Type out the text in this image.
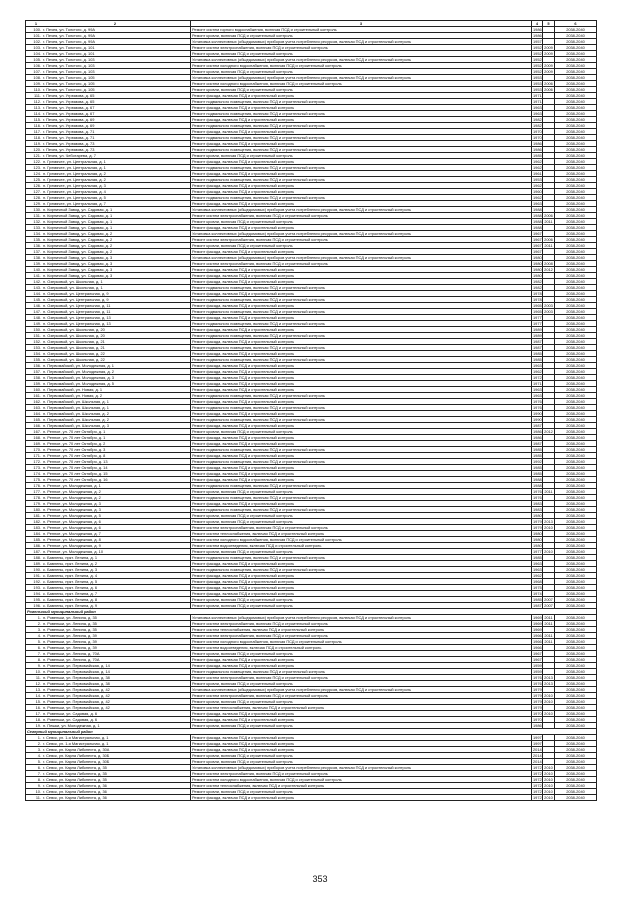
1 2	3	4	5	6
100. г. Печея, ул. Толстого, д. 99А	Ремонт систем горного водоснабжения, включая ПСД и строительный контроль	1986		2038-2040
101. г. Печея, ул. Толстого, д. 99А	Ремонт кровли, включая ПСД и строительный контроль	1986		2038-2040
102. г. Печея, ул. Толстого, д. 99А	Установка коллективных (общедомовых) приборов учета потребления ресурсов, включая ПСД и строительный контроль	1957		2038-2040
103. г. Печея, ул. Толстого, д. 101	Ремонт систем электроснабжения, включая ПСД и строительный контроль	1952	2009	2038-2040
104. г. Печея, ул. Толстого, д. 101	Ремонт кровли, включая ПСД и строительный контроль	1952	2009	2038-2040
105. г. Печея, ул. Толстого, д. 103	Установка коллективных (общедомовых) приборов учета потребления ресурсов, включая ПСД и строительный контроль	1952		2038-2040
106. г. Печея, ул. Толстого, д. 103	Ремонт систем холодного водоснабжения, включая ПСД и строительный контроль	1952	2009	2038-2040
107. г. Печея, ул. Толстого, д. 103	Ремонт кровли, включая ПСД и строительный контроль	1952	2009	2038-2040
108. г. Печея, ул. Толстого, д. 105	Установка коллективных (общедомовых) приборов учета потребления ресурсов, включая ПСД и строительный контроль	1953		2038-2040
109. г. Печея, ул. Толстого, д. 105	Ремонт систем холодного водоснабжения, включая ПСД и строительный контроль	1953	2006	2038-2040
110. г. Печея, ул. Толстого, д. 105	Ремонт кровли, включая ПСД и строительный контроль	1953	2006	2038-2040
111. г. Печея, ул. Угрюмова, д. 65	Ремонт фасада, включая ПСД и строительный контроль	1971		2038-2040
112. г. Печея, ул. Угрюмова, д. 65	Ремонт подвального помещения, включая ПСД и строительный контроль	1971		2038-2040
113. г. Печея, ул. Угрюмова, д. 67	Ремонт фасада, включая ПСД и строительный контроль	1963		2038-2040
114. г. Печея, ул. Угрюмова, д. 67	Ремонт подвального помещения, включая ПСД и строительный контроль	1963		2038-2040
115. г. Печея, ул. Угрюмова, д. 69	Ремонт фасада, включая ПСД и строительный контроль	1982		2038-2040
116. г. Печея, ул. Угрюмова, д. 69	Ремонт подвального помещения, включая ПСД и строительный контроль	1982		2038-2040
117. г. Печея, ул. Угрюмова, д. 71	Ремонт фасада, включая ПСД и строительный контроль	1970		2038-2040
118. г. Печея, ул. Угрюмова, д. 71	Ремонт подвального помещения, включая ПСД и строительный контроль	1970		2038-2040
119. г. Печея, ул. Угрюмова, д. 73	Ремонт фасада, включая ПСД и строительный контроль	1986		2038-2040
120. г. Печея, ул. Угрюмова, д. 73	Ремонт подвального помещения, включая ПСД и строительный контроль	1986		2038-2040
121. г. Печея, ул. Чеботарева, д. 7	Ремонт кровли, включая ПСД и строительный контроль	1985		2038-2040
122. п. Гремячее, ул. Центральная, д. 1	Ремонт фасада, включая ПСД и строительный контроль	1962		2038-2040
123. п. Гремячее, ул. Центральная, д. 1	Ремонт подвального помещения, включая ПСД и строительный контроль	1962		2038-2040
124. п. Гремячее, ул. Центральная, д. 2	Ремонт фасада, включая ПСД и строительный контроль	1961		2038-2040
125. п. Гремячее, ул. Центральная, д. 2	Ремонт подвального помещения, включая ПСД и строительный контроль	1953		2038-2040
126. п. Гремячее, ул. Центральная, д. 3	Ремонт фасада, включая ПСД и строительный контроль	1962		2038-2040
127. п. Гремячее, ул. Центральная, д. 4	Ремонт фасада, включая ПСД и строительный контроль	1960		2038-2040
128. п. Гремячее, ул. Центральная, д. 5	Ремонт подвального помещения, включая ПСД и строительный контроль	1962		2038-2040
129. п. Гремячее, ул. Центральная, д. 7	Ремонт фасада, включая ПСД и строительный контроль	1963		2038-2040
130. п. Кирпичный Завод, ул. Садовая, д. 1	Установка коллективных (общедомовых) приборов учета потребления ресурсов, включая ПСД и строительный контроль	1988		2038-2040
131. п. Кирпичный Завод, ул. Садовая, д. 1	Ремонт систем электроснабжения, включая ПСД и строительный контроль	1988	2006	2038-2040
132. п. Кирпичный Завод, ул. Садовая, д. 1	Ремонт кровли, включая ПСД и строительный контроль	1988	2011	2038-2040
133. п. Кирпичный Завод, ул. Садовая, д. 1	Ремонт фасада, включая ПСД и строительный контроль	1988		2038-2040
134. п. Кирпичный Завод, ул. Садовая, д. 2	Установка коллективных (общедомовых) приборов учета потребления ресурсов, включая ПСД и строительный контроль	1967		2038-2040
135. п. Кирпичный Завод, ул. Садовая, д. 2	Ремонт систем электроснабжения, включая ПСД и строительный контроль	1967	2006	2038-2040
136. п. Кирпичный Завод, ул. Садовая, д. 2	Ремонт кровли, включая ПСД и строительный контроль	1967	2011	2038-2040
137. п. Кирпичный Завод, ул. Садовая, д. 2	Ремонт фасада, включая ПСД и строительный контроль	1967		2038-2040
138. п. Кирпичный Завод, ул. Садовая, д. 3	Установка коллективных (общедомовых) приборов учета потребления ресурсов, включая ПСД и строительный контроль	1980		2038-2040
139. п. Кирпичный Завод, ул. Садовая, д. 3	Ремонт систем электроснабжения, включая ПСД и строительный контроль	1980	2008	2038-2040
140. п. Кирпичный Завод, ул. Садовая, д. 3	Ремонт фасада, включая ПСД и строительный контроль	1980	2012	2038-2040
141. п. Кирпичный Завод, ул. Садовая, д. 3	Ремонт фасада, включая ПСД и строительный контроль	1980		2038-2040
142. п. Озерковый, ул. Школьная, д. 1	Ремонт фасада, включая ПСД и строительный контроль	1982		2038-2040
143. п. Озерковый, ул. Школьная, д. 1	Ремонт подвального помещения, включая ПСД и строительный контроль	1982		2038-2040
144. п. Озерковый, ул. Центральная, д. 9	Ремонт фасада, включая ПСД и строительный контроль	1978		2038-2040
145. п. Озерковый, ул. Центральная, д. 9	Ремонт подвального помещения, включая ПСД и строительный контроль	1978		2038-2040
146. п. Озерковый, ул. Центральная, д. 11	Ремонт фасада, включая ПСД и строительный контроль	1965	2003	2038-2040
147. п. Озерковый, ул. Центральная, д. 11	Ремонт подвального помещения, включая ПСД и строительный контроль	1965	2003	2038-2040
148. п. Озерковый, ул. Центральная, д. 13	Ремонт фасада, включая ПСД и строительный контроль	1977		2038-2040
149. п. Озерковый, ул. Центральная, д. 13	Ремонт подвального помещения, включая ПСД и строительный контроль	1977		2038-2040
150. п. Озерковый, ул. Школьная, д. 20	Ремонт фасада, включая ПСД и строительный контроль	1989		2038-2040
151. п. Озерковый, ул. Школьная, д. 20	Ремонт подвального помещения, включая ПСД и строительный контроль	1989		2038-2040
152. п. Озерковый, ул. Школьная, д. 21	Ремонт фасада, включая ПСД и строительный контроль	1987		2038-2040
153. п. Озерковый, ул. Школьная, д. 21	Ремонт подвального помещения, включая ПСД и строительный контроль	1987		2038-2040
154. п. Озерковый, ул. Школьная, д. 22	Ремонт фасада, включая ПСД и строительный контроль	1985		2038-2040
155. п. Озерковый, ул. Школьная, д. 22	Ремонт подвального помещения, включая ПСД и строительный контроль	1985		2038-2040
156. п. Первомайский, ул. Молодежная, д. 1	Ремонт фасада, включая ПСД и строительный контроль	1963		2038-2040
157. п. Первомайский, ул. Молодежная, д. 2	Ремонт фасада, включая ПСД и строительный контроль	1962		2038-2040
158. п. Первомайский, ул. Молодежная, д. 3	Ремонт фасада, включая ПСД и строительный контроль	1972		2038-2040
159. п. Первомайский, ул. Молодежная, д. 5	Ремонт фасада, включая ПСД и строительный контроль	1971		2038-2040
160. п. Первомайский, ул. Новая, д. 1	Ремонт фасада, включая ПСД и строительный контроль	1963		2038-2040
161. п. Первомайский, ул. Новая, д. 2	Ремонт подвального помещения, включая ПСД и строительный контроль	1963		2038-2040
162. п. Первомайский, ул. Школьная, д. 1	Ремонт фасада, включая ПСД и строительный контроль	1976		2038-2040
163. п. Первомайский, ул. Школьная, д. 1	Ремонт подвального помещения, включая ПСД и строительный контроль	1976		2038-2040
164. п. Первомайский, ул. Школьная, д. 2	Ремонт фасада, включая ПСД и строительный контроль	1990		2038-2040
165. п. Первомайский, ул. Школьная, д. 2	Ремонт подвального помещения, включая ПСД и строительный контроль	1990		2038-2040
166. п. Первомайский, ул. Школьная, д. 3	Ремонт фасада, включая ПСД и строительный контроль	1987		2038-2040
167. п. Репное, ул. 70 лет Октября, д. 1	Ремонт кровли, включая ПСД и строительный контроль	1986	2012	2038-2040
168. п. Репное, ул. 70 лет Октября, д. 1	Ремонт фасада, включая ПСД и строительный контроль	1986		2038-2040
169. п. Репное, ул. 70 лет Октября, д. 2	Ремонт фасада, включая ПСД и строительный контроль	1987		2038-2040
170. п. Репное, ул. 70 лет Октября, д. 3	Ремонт подвального помещения, включая ПСД и строительный контроль	1985		2038-2040
171. п. Репное, ул. 70 лет Октября, д. 8	Ремонт фасада, включая ПСД и строительный контроль	1985		2038-2040
172. п. Репное, ул. 70 лет Октября, д. 13	Ремонт подвального помещения, включая ПСД и строительный контроль	1992		2038-2040
173. п. Репное, ул. 70 лет Октября, д. 14	Ремонт фасада, включая ПСД и строительный контроль	1985		2038-2040
174. п. Репное, ул. 70 лет Октября, д. 15	Ремонт фасада, включая ПСД и строительный контроль	1985		2038-2040
175. п. Репное, ул. 70 лет Октября, д. 16	Ремонт фасада, включая ПСД и строительный контроль	1988		2038-2040
176. п. Репное, ул. Молодежная, д. 1	Ремонт подвального помещения, включая ПСД и строительный контроль	1988		2038-2040
177. п. Репное, ул. Молодежная, д. 2	Ремонт кровли, включая ПСД и строительный контроль	1976	2011	2038-2040
178. п. Репное, ул. Молодежная, д. 2	Ремонт подвального помещения, включая ПСД и строительный контроль	1976		2038-2040
179. п. Репное, ул. Молодежная, д. 3	Ремонт фасада, включая ПСД и строительный контроль	1983		2038-2040
180. п. Репное, ул. Молодежная, д. 3	Ремонт подвального помещения, включая ПСД и строительный контроль	1983		2038-2040
181. п. Репное, ул. Молодежная, д. 5	Ремонт кровли, включая ПСД и строительный контроль	1980		2038-2040
182. п. Репное, ул. Молодежная, д. 6	Ремонт кровли, включая ПСД и строительный контроль	1979	2013	2038-2040
183. п. Репное, ул. Молодежная, д. 6	Ремонт систем электроснабжения, включая ПСД и строительный контроль	1979	2010	2038-2040
184. п. Репное, ул. Молодежная, д. 7	Ремонт систем теплоснабжения, включая ПСД и строительный контроль	1980		2038-2040
185. п. Репное, ул. Молодежная, д. 8	Ремонт систем холодного водоснабжения, включая ПСД и строительный контроль	1980		2038-2040
186. п. Репное, ул. Молодежная, д. 9	Ремонт систем водоотведения, включая ПСД и строительный контроль	1980		2038-2040
187. п. Репное, ул. Молодежная, д. 10	Ремонт кровли, включая ПСД и строительный контроль	1977	2010	2038-2040
188. с. Бавлены, пркт. Ленина, д. 1	Ремонт подвального помещения, включая ПСД и строительный контроль	1985		2038-2040
189. с. Бавлены, пркт. Ленина, д. 2	Ремонт фасада, включая ПСД и строительный контроль	1963		2038-2040
190. с. Бавлены, пркт. Ленина, д. 3	Ремонт подвального помещения, включая ПСД и строительный контроль	1963		2038-2040
191. с. Бавлены, пркт. Ленина, д. 4	Ремонт фасада, включая ПСД и строительный контроль	1962		2038-2040
192. с. Бавлены, пркт. Ленина, д. 5	Ремонт фасада, включая ПСД и строительный контроль	1968		2038-2040
193. с. Бавлены, пркт. Ленина, д. 6	Ремонт фасада, включая ПСД и строительный контроль	1975		2038-2040
194. с. Бавлены, пркт. Ленина, д. 7	Ремонт фасада, включая ПСД и строительный контроль	1974		2038-2040
195. с. Бавлены, пркт. Ленина, д. 8	Ремонт кровли, включая ПСД и строительный контроль	1985	2007	2038-2040
196. с. Бавлены, пркт. Ленина, д. 9	Ремонт кровли, включая ПСД и строительный контроль	1987	2007	2038-2040
Ровеньский муниципальный район				
1. п. Ровеньки, ул. Ленина, д. 35	Установка коллективных (общедомовых) приборов учета потребления ресурсов, включая ПСД и строительный контроль	1969	2011	2038-2040
2. п. Ровеньки, ул. Ленина, д. 35	Ремонт систем электроснабжения, включая ПСД и строительный контроль	1969	2011	2038-2040
3. п. Ровеньки, ул. Ленина, д. 35	Ремонт систем теплоснабжения, включая ПСД и строительный контроль	1969		2038-2040
4. п. Ровеньки, ул. Ленина, д. 39	Ремонт систем электроснабжения, включая ПСД и строительный контроль	1966	2011	2038-2040
5. п. Ровеньки, ул. Ленина, д. 39	Ремонт систем холодного водоснабжения, включая ПСД и строительный контроль	1966	2011	2038-2040
6. п. Ровеньки, ул. Ленина, д. 39	Ремонт систем водоотведения, включая ПСД и строительный контроль	1966		2038-2040
7. п. Ровеньки, ул. Ленина, д. 70А	Ремонт кровли, включая ПСД и строительный контроль	1967		2038-2040
8. п. Ровеньки, ул. Ленина, д. 70А	Ремонт фасада, включая ПСД и строительный контроль	1967		2038-2040
9. п. Ровеньки, ул. Первомайская, д. 14	Ремонт фасада, включая ПСД и строительный контроль	1959		2038-2040
10. п. Ровеньки, ул. Первомайская, д. 14	Ремонт подвального помещения, включая ПСД и строительный контроль	1959		2038-2040
11. п. Ровеньки, ул. Первомайская, д. 38	Ремонт систем электроснабжения, включая ПСД и строительный контроль	1976	2013	2038-2040
12. п. Ровеньки, ул. Первомайская, д. 38	Ремонт кровли, включая ПСД и строительный контроль	1976	2013	2038-2040
13. п. Ровеньки, ул. Первомайская, д. 42	Установка коллективных (общедомовых) приборов учета потребления ресурсов, включая ПСД и строительный контроль	1979		2038-2040
14. п. Ровеньки, ул. Первомайская, д. 42	Ремонт систем электроснабжения, включая ПСД и строительный контроль	1979	2010	2038-2040
15. п. Ровеньки, ул. Первомайская, д. 42	Ремонт кровли, включая ПСД и строительный контроль	1979	2010	2038-2040
16. п. Ровеньки, ул. Первомайская, д. 42	Ремонт систем теплоснабжения, включая ПСД и строительный контроль	1979		2038-2040
17. п. Ровеньки, ул. Садовая, д. 6	Ремонт фасада, включая ПСД и строительный контроль	1970	2010	2038-2040
18. п. Ровеньки, ул. Садовая, д. 6	Ремонт фасада, включая ПСД и строительный контроль	1970		2038-2040
19. п. Пешки, ул. Молодежная, д. 1	Ремонт кровли, включая ПСД и строительный контроль	1986		2038-2040
Северный муниципальный район				
1. г. Севск, ул. 1-я Магистральная, д. 1	Ремонт фасада, включая ПСД и строительный контроль	1997		2038-2040
2. г. Севск, ул. 1-я Магистральная, д. 1	Ремонт фасада, включая ПСД и строительный контроль	1997		2038-2040
3. г. Севск, ул. Карла Либкнехта, д. 30А	Ремонт фасада, включая ПСД и строительный контроль	2014		2038-2040
4. г. Севск, ул. Карла Либкнехта, д. 30Б	Ремонт кровли, включая ПСД и строительный контроль	2014		2038-2040
5. г. Севск, ул. Карла Либкнехта, д. 30Б	Ремонт кровли, включая ПСД и строительный контроль	2014		2038-2040
6. г. Севск, ул. Карла Либкнехта, д. 35	Установка коллективных (общедомовых) приборов учета потребления ресурсов, включая ПСД и строительный контроль	1972	2010	2038-2040
7. г. Севск, ул. Карла Либкнехта, д. 35	Ремонт систем электроснабжения, включая ПСД и строительный контроль	1972	2010	2038-2040
8. г. Севск, ул. Карла Либкнехта, д. 35	Ремонт систем холодного водоснабжения, включая ПСД и строительный контроль	1972	2010	2038-2040
9. г. Севск, ул. Карла Либкнехта, д. 36	Ремонт систем теплоснабжения, включая ПСД и строительный контроль	1972	2010	2038-2040
10. г. Севск, ул. Карла Либкнехта, д. 36	Ремонт кровли, включая ПСД и строительный контроль	1972	2010	2038-2040
11. г. Севск, ул. Карла Либкнехта, д. 36	Ремонт фасада, включая ПСД и строительный контроль	1972	2010	2038-2040
353
